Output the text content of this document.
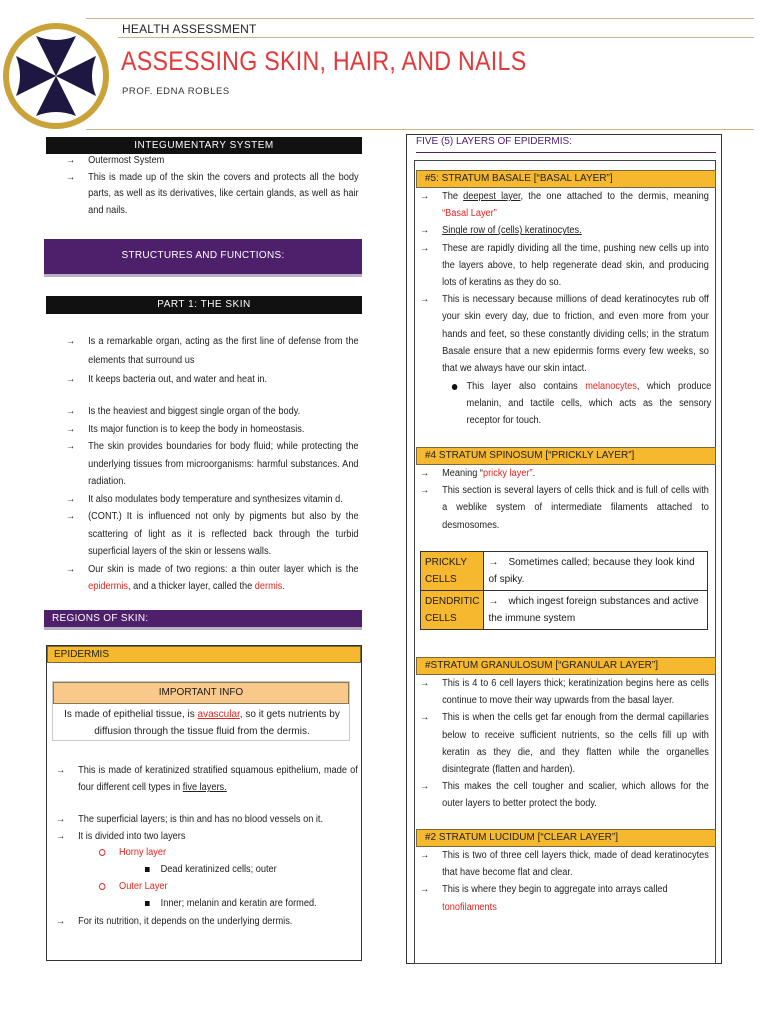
HEALTH ASSESSMENT
ASSESSING SKIN, HAIR, AND NAILS
PROF. EDNA ROBLES
INTEGUMENTARY SYSTEM
→ Outermost System
→ This is made up of the skin the covers and protects all the body parts, as well as its derivatives, like certain glands, as well as hair and nails.
STRUCTURES AND FUNCTIONS:
PART 1: THE SKIN
→ Is a remarkable organ, acting as the first line of defense from the elements that surround us
→ It keeps bacteria out, and water and heat in.
→ Is the heaviest and biggest single organ of the body.
→ Its major function is to keep the body in homeostasis.
→ The skin provides boundaries for body fluid; while protecting the underlying tissues from microorganisms: harmful substances. And radiation.
→ It also modulates body temperature and synthesizes vitamin d.
→ (CONT.) It is influenced not only by pigments but also by the scattering of light as it is reflected back through the turbid superficial layers of the skin or lessens walls.
→ Our skin is made of two regions: a thin outer layer which is the epidermis, and a thicker layer, called the dermis.
REGIONS OF SKIN:
EPIDERMIS
IMPORTANT INFO
Is made of epithelial tissue, is avascular, so it gets nutrients by diffusion through the tissue fluid from the dermis.
→ This is made of keratinized stratified squamous epithelium, made of four different cell types in five layers.
→ The superficial layers; is thin and has no blood vessels on it.
→ It is divided into two layers
Horny layer
Dead keratinized cells; outer
Outer Layer
Inner; melanin and keratin are formed.
→ For its nutrition, it depends on the underlying dermis.
FIVE (5) LAYERS OF EPIDERMIS:
#5: STRATUM BASALE [“BASAL LAYER”]
→ The deepest layer, the one attached to the dermis, meaning “Basal Layer”
→ Single row of (cells) keratinocytes.
→ These are rapidly dividing all the time, pushing new cells up into the layers above, to help regenerate dead skin, and producing lots of keratins as they do so.
→ This is necessary because millions of dead keratinocytes rub off your skin every day, due to friction, and even more from your hands and feet, so these constantly dividing cells; in the stratum Basale ensure that a new epidermis forms every few weeks, so that we always have our skin intact.
This layer also contains melanocytes, which produce melanin, and tactile cells, which acts as the sensory receptor for touch.
#4 STRATUM SPINOSUM [“PRICKLY LAYER”]
→ Meaning “pricky layer”.
→ This section is several layers of cells thick and is full of cells with a weblike system of intermediate filaments attached to desmosomes.
PRICKLY CELLS	→ Sometimes called; because they look kind of spiky.
DENDRITIC CELLS	→ which ingest foreign substances and active the immune system
#STRATUM GRANULOSUM [“GRANULAR LAYER”]
→ This is 4 to 6 cell layers thick; keratinization begins here as cells continue to move their way upwards from the basal layer.
→ This is when the cells get far enough from the dermal capillaries below to receive sufficient nutrients, so the cells fill up with keratin as they die, and they flatten while the organelles disintegrate (flatten and harden).
→ This makes the cell tougher and scalier, which allows for the outer layers to better protect the body.
#2 STRATUM LUCIDUM [“CLEAR LAYER”]
→ This is two of three cell layers thick, made of dead keratinocytes that have become flat and clear.
→ This is where they begin to aggregate into arrays called
tonofilaments
